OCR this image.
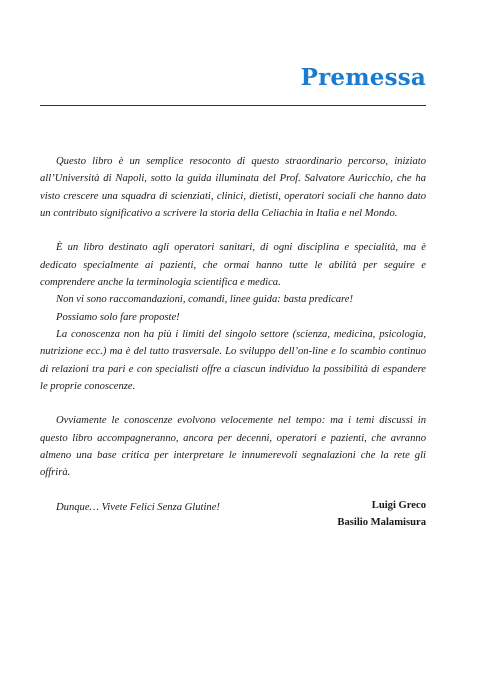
Premessa

Questo libro è un semplice resoconto di questo straordinario percorso, iniziato all’Università di Napoli, sotto la guida illuminata del Prof. Salvatore Auricchio, che ha visto crescere una squadra di scienziati, clinici, dietisti, operatori sociali che hanno dato un contributo significativo a scrivere la storia della Celiachia in Italia e nel Mondo.

È un libro destinato agli operatori sanitari, di ogni disciplina e specialità, ma è dedicato specialmente ai pazienti, che ormai hanno tutte le abilità per seguire e comprendere anche la terminologia scientifica e medica.

Non vi sono raccomandazioni, comandi, linee guida: basta predicare!

Possiamo solo fare proposte!

La conoscenza non ha più i limiti del singolo settore (scienza, medicina, psicologia, nutrizione ecc.) ma è del tutto trasversale. Lo sviluppo dell’on-line e lo scambio continuo di relazioni tra pari e con specialisti offre a ciascun individuo la possibilità di espandere le proprie conoscenze.

Ovviamente le conoscenze evolvono velocemente nel tempo: ma i temi discussi in questo libro accompagneranno, ancora per decenni, operatori e pazienti, che avranno almeno una base critica per interpretare le innumerevoli segnalazioni che la rete gli offrirà.

Dunque… Vivete Felici Senza Glutine!	Luigi Greco
Basilio Malamisura
